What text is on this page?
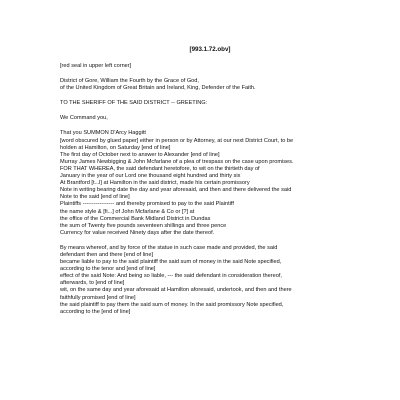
[993.1.72.obv]
[red seal in upper left corner]
District of Gore, William the Fourth by the Grace of God,
of the United Kingdom of Great Britain and Ireland, King, Defender of the Faith.
TO THE SHERIFF OF THE SAID DISTRICT -- GREETING:
We Command you,
That you SUMMON D'Arcy Haggitt
[word obscured by glued paper] either in person or by Attorney, at our next District Court, to be
holden at Hamilton, on Saturday [end of line]
The first day of October next to answer to Alexander [end of line]
Murray James Newbigging & John Mcfarlane of a plea of trespass on the case upon promises.
FOR THAT WHEREA, the said defendant heretofore, to wit on the thirtieth day of
January in the year of our Lord one thousand eight hundred and thirty six
At Brantford [t...l] at Hamilton in the said district, made his certain promissory
Note in writing bearing date the day and year aforesaid, and then and there delivered the said
Note to the said [end of line]
Plaintiffs ----------------- and thereby promised to pay to the said Plaintiff
the name style & [fi...] of John Mcfarlane & Co or [?] at
the office of the Commercial Bank Midland District in Dundas
the sum of Twenty five pounds seventeen shillings and three pence
Currency for value received Ninety days after the date thereof.
By means whereof, and by force of the statue in such case made and provided, the said
defendant then and there [end of line]
became liable to pay to the said plaintiff the said sum of money in the said Note specified,
according to the tenor and [end of line]
effect of the said Note: And being so liable, --- the said defendant in consideration thereof,
afterwards, to [end of line]
wit, on the same day and year aforesaid at Hamilton aforesaid, undertook, and then and there
faithfully promised [end of line]
the said plaintiff to pay them the said sum of money. In the said promissory Note specified,
according to the [end of line]
